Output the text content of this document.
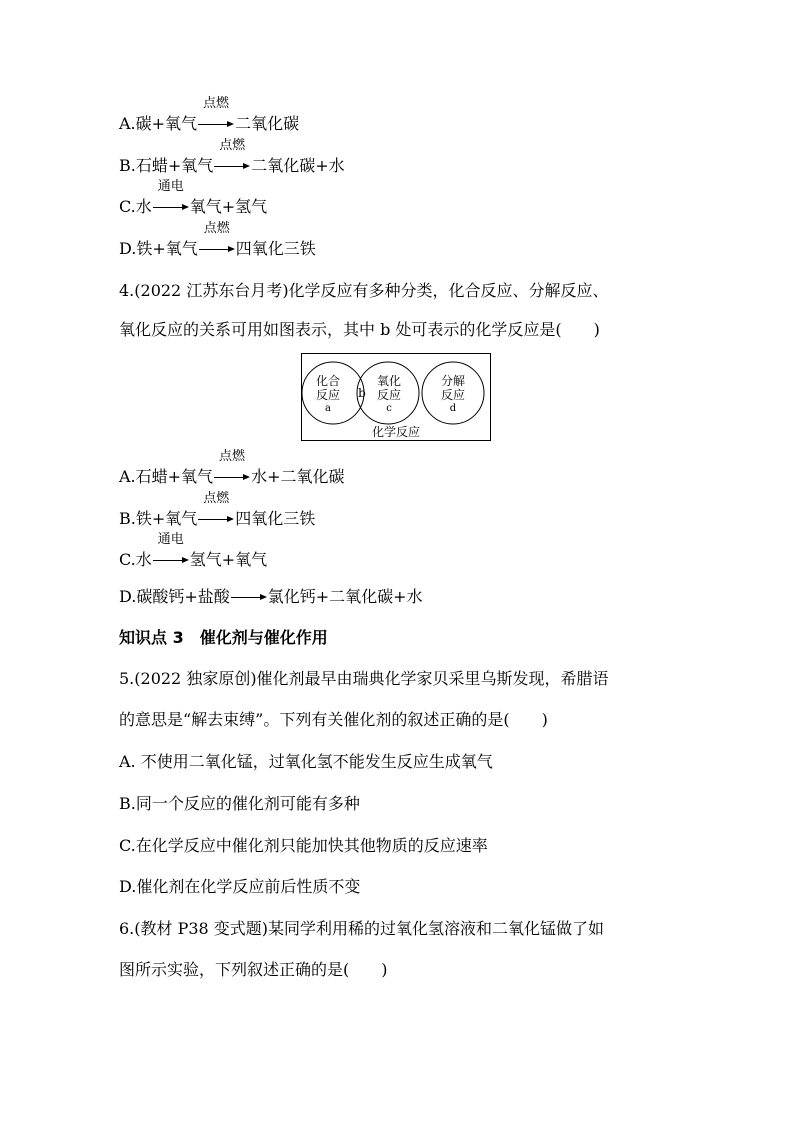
A.碳+氧气
点燃
二氧化碳
B.石蜡+氧气
点燃
二氧化碳+水
C.水
通电
氧气+氢气
D.铁+氧气
点燃
四氧化三铁
4.(2022 江苏东台月考)化学反应有多种分类，化合反应、分解反应、
氧化反应的关系可用如图表示，其中 b 处可表示的化学反应是(　　)
化合
反应
a
b
氧化
反应
c
分解
反应
d
化学反应
A.石蜡+氧气
点燃
水+二氧化碳
B.铁+氧气
点燃
四氧化三铁
C.水
通电
氢气+氧气
D.碳酸钙+盐酸 氯化钙+二氧化碳+水
知识点 3　催化剂与催化作用
5.(2022 独家原创)催化剂最早由瑞典化学家贝采里乌斯发现，希腊语
的意思是“解去束缚”。下列有关催化剂的叙述正确的是(　　)
A. 不使用二氧化锰，过氧化氢不能发生反应生成氧气
B.同一个反应的催化剂可能有多种
C.在化学反应中催化剂只能加快其他物质的反应速率
D.催化剂在化学反应前后性质不变
6.(教材 P38 变式题)某同学利用稀的过氧化氢溶液和二氧化锰做了如
图所示实验，下列叙述正确的是(　　)
